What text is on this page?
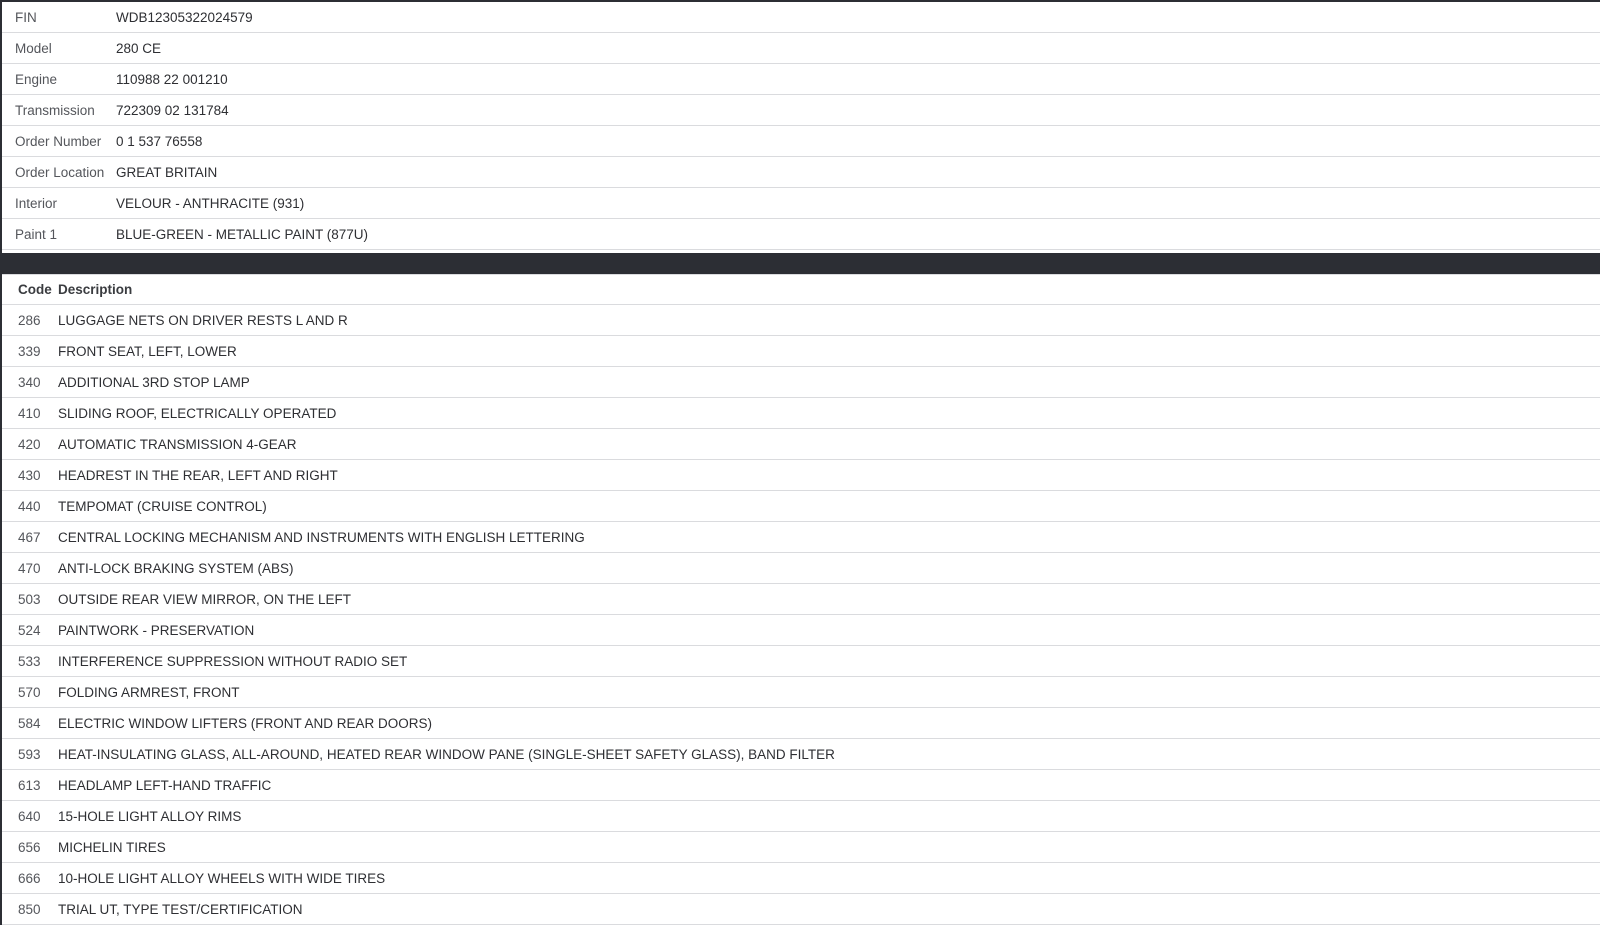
FIN	WDB12305322024579
Model	280 CE
Engine	110988 22 001210
Transmission	722309 02 131784
Order Number	0 1 537 76558
Order Location GREAT BRITAIN
Interior	VELOUR - ANTHRACITE (931)
Paint 1	BLUE-GREEN - METALLIC PAINT (877U)
Code Description
286	LUGGAGE NETS ON DRIVER RESTS L AND R
339	FRONT SEAT, LEFT, LOWER
340	ADDITIONAL 3RD STOP LAMP
410	SLIDING ROOF, ELECTRICALLY OPERATED
420	AUTOMATIC TRANSMISSION 4-GEAR
430	HEADREST IN THE REAR, LEFT AND RIGHT
440	TEMPOMAT (CRUISE CONTROL)
467	CENTRAL LOCKING MECHANISM AND INSTRUMENTS WITH ENGLISH LETTERING
470	ANTI-LOCK BRAKING SYSTEM (ABS)
503	OUTSIDE REAR VIEW MIRROR, ON THE LEFT
524	PAINTWORK - PRESERVATION
533	INTERFERENCE SUPPRESSION WITHOUT RADIO SET
570	FOLDING ARMREST, FRONT
584	ELECTRIC WINDOW LIFTERS (FRONT AND REAR DOORS)
593	HEAT-INSULATING GLASS, ALL-AROUND, HEATED REAR WINDOW PANE (SINGLE-SHEET SAFETY GLASS), BAND FILTER
613	HEADLAMP LEFT-HAND TRAFFIC
640	15-HOLE LIGHT ALLOY RIMS
656	MICHELIN TIRES
666	10-HOLE LIGHT ALLOY WHEELS WITH WIDE TIRES
850	TRIAL UT, TYPE TEST/CERTIFICATION
